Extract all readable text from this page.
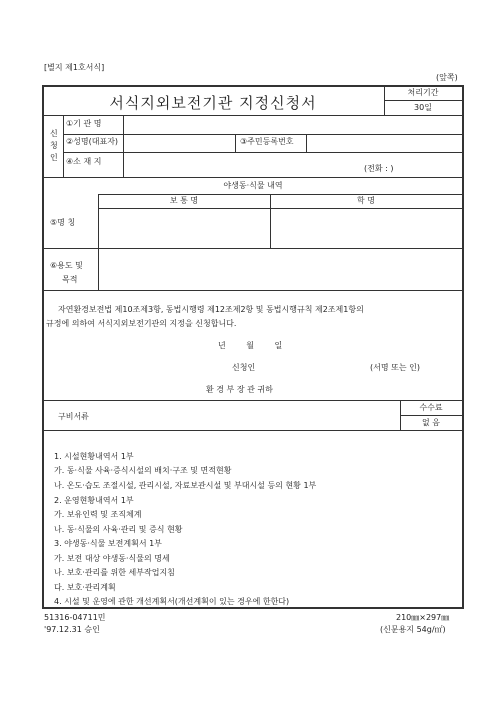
[별지 제1호서식]
(앞쪽)
서식지외보전기관 지정신청서
처리기간
30일
신
청
인
①기 관 명
②성명(대표자)	③주민등록번호
④소 재 지
(전화 : )
야생동·식물 내역
보 통 명	학 명
⑤명 칭
⑥용도 및
목적
자연환경보전법 제10조제3항, 동법시행령 제12조제2항 및 동법시행규칙 제2조제1항의
규정에 의하여 서식지외보전기관의 지정을 신청합니다.
년 월 일
신청인	(서명 또는 인)
환 경 부 장 관 귀하
구비서류
수수료
없 음
1. 시설현황내역서 1부
가. 동·식물 사육·증식시설의 배치·구조 및 면적현황
나. 온도·습도 조절시설, 관리시설, 자료보관시설 및 부대시설 등의 현황 1부
2. 운영현황내역서 1부
가. 보유인력 및 조직체계
나. 동·식물의 사육·관리 및 증식 현황
3. 야생동·식물 보전계획서 1부
가. 보전 대상 야생동·식물의 명세
나. 보호·관리를 위한 세부작업지침
다. 보호·관리계획
4. 시설 및 운영에 관한 개선계획서(개선계획이 있는 경우에 한한다)
51316-04711민
'97.12.31 승인
210㎜×297㎜
(신문용지 54g/㎡)
